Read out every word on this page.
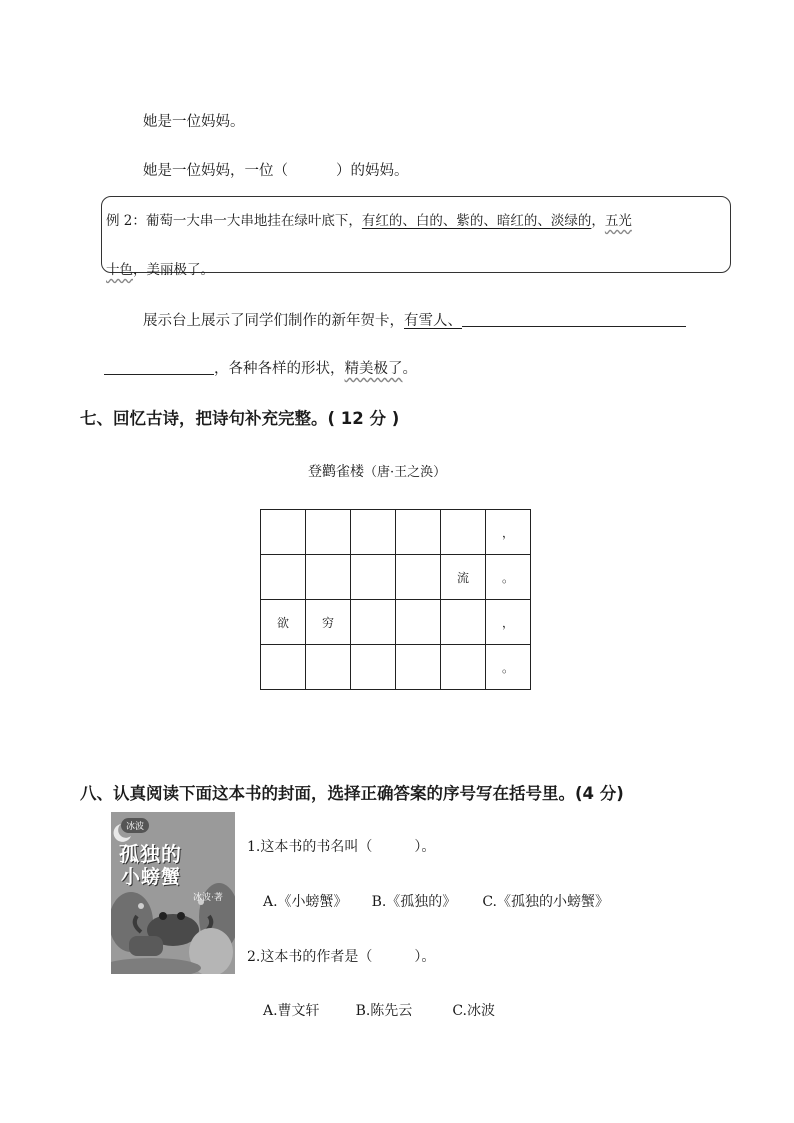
她是一位妈妈。
她是一位妈妈，一位（	）的妈妈。
例 2：葡萄一大串一大串地挂在绿叶底下，有红的、白的、紫的、暗红的、淡绿的，五光
十色，美丽极了。
展示台上展示了同学们制作的新年贺卡，有雪人、
，各种各样的形状，精美极了。
七、回忆古诗，把诗句补充完整。( 12 分 )
登鹳雀楼（唐·王之涣）
					，
				流	。
欲	穷				，
					。
八、认真阅读下面这本书的封面，选择正确答案的序号写在括号里。(4 分)
冰波
孤独的
小螃蟹
冰波·著
1.这本书的书名叫（　　　）。
A.《小螃蟹》 B.《孤独的》 C.《孤独的小螃蟹》
2.这本书的作者是（　　　）。
A.曹文轩	B.陈先云	C.冰波
